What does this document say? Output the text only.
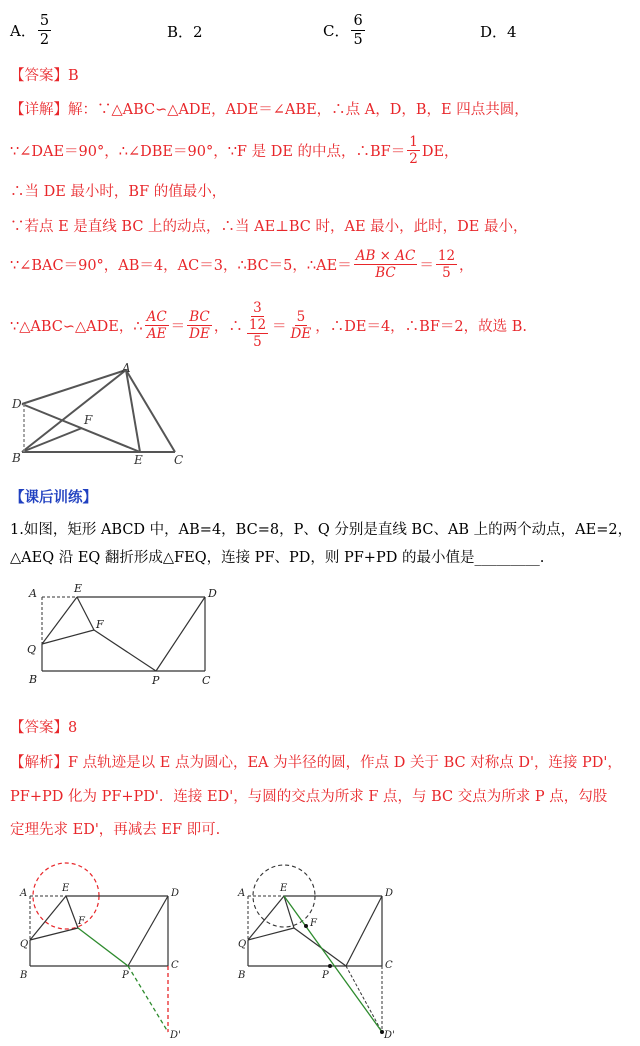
A． $\frac{5}{2}$	B． 2	C． $\frac{6}{5}$	D． 4
【答案】B
【详解】解：∵△ABC∽△ADE，ADE＝∠ABE，∴点 A，D，B，E 四点共圆，
∵∠DAE＝90°，∴∠DBE＝90°，∵F 是 DE 的中点，∴BF＝ $\frac{1}{2}$ DE，
∴当 DE 最小时，BF 的值最小，
∵若点 E 是直线 BC 上的动点，∴当 AE⊥BC 时，AE 最小，此时，DE 最小，
∵∠BAC＝90°，AB＝4，AC＝3，∴BC＝5，∴AE＝ $\frac{AB \times AC}{BC} = \frac{12}{5}$ ，
∵△ABC∽△ADE，∴ $\frac{AC}{AE} = \frac{BC}{DE}$ ，∴ $\frac{3}{\frac{12}{5}} = \frac{5}{DE}$ ，∴DE＝4，∴BF＝2，故选 B.
A
D
F
B	E	C
【课后训练】
1.如图，矩形 ABCD 中，AB=4，BC=8，P、Q 分别是直线 BC、AB 上的两个动点，AE=2，
△AEQ 沿 EQ 翻折形成△FEQ，连接 PF、PD，则 PF+PD 的最小值是_________.
A	E	D
F
Q
B	P	C
【答案】8
【解析】F 点轨迹是以 E 点为圆心，EA 为半径的圆，作点 D 关于 BC 对称点 D'，连接 PD'，
PF+PD 化为 PF+PD'．连接 ED'，与圆的交点为所求 F 点，与 BC 交点为所求 P 点，勾股
定理先求 ED'，再减去 EF 即可.
A	E	D
F
Q
B	P
C
D'
A	E	D
F
Q
B	P
C
D'
